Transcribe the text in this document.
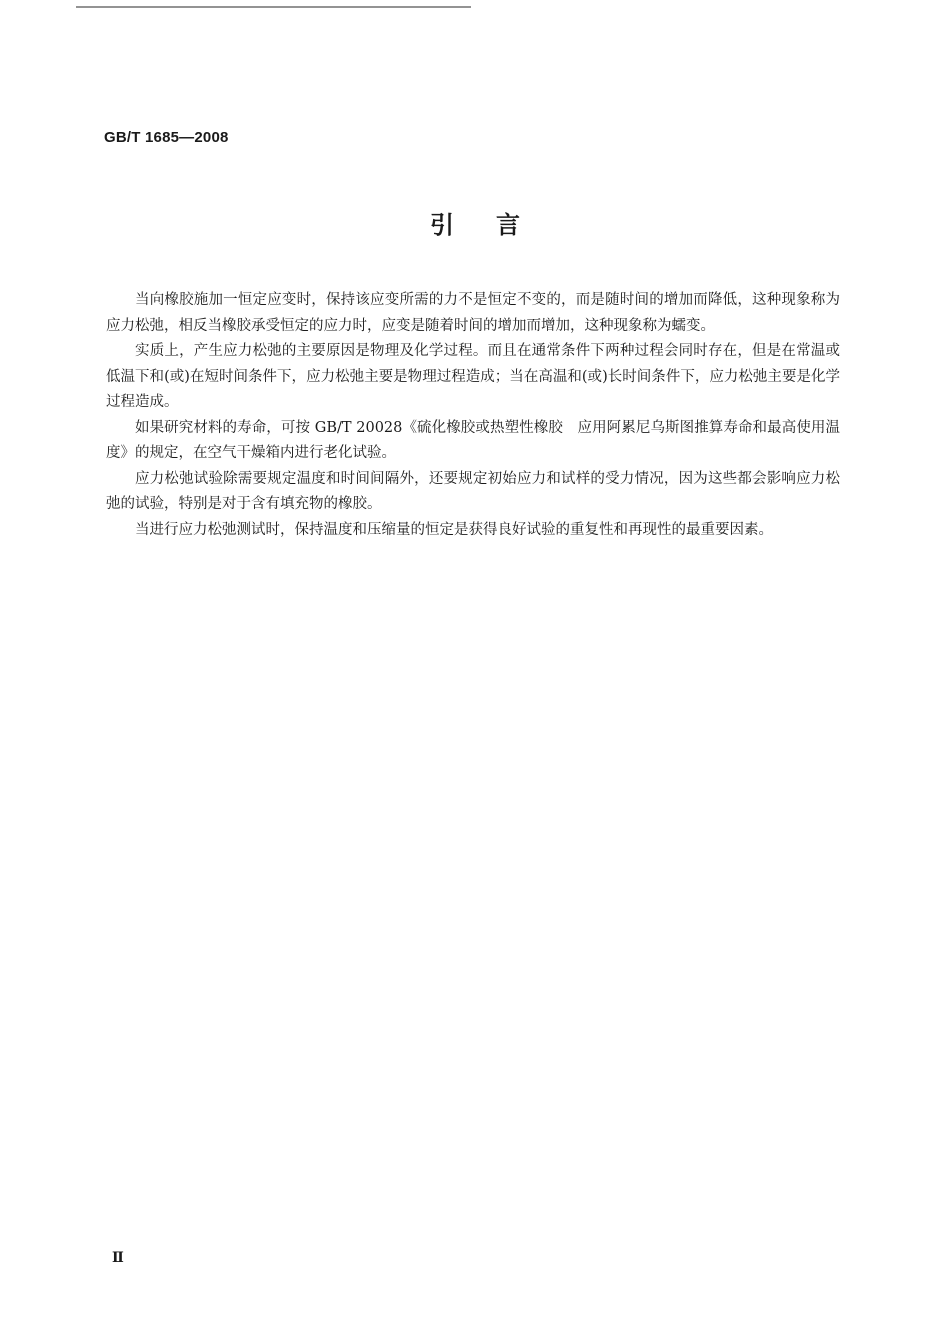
GB/T 1685—2008
引言

当向橡胶施加一恒定应变时，保持该应变所需的力不是恒定不变的，而是随时间的增加而降低，这种现象称为应力松弛，相反当橡胶承受恒定的应力时，应变是随着时间的增加而增加，这种现象称为蠕变。

实质上，产生应力松弛的主要原因是物理及化学过程。而且在通常条件下两种过程会同时存在，但是在常温或低温下和(或)在短时间条件下，应力松弛主要是物理过程造成；当在高温和(或)长时间条件下，应力松弛主要是化学过程造成。

如果研究材料的寿命，可按 GB/T 20028《硫化橡胶或热塑性橡胶　应用阿累尼乌斯图推算寿命和最高使用温度》的规定，在空气干燥箱内进行老化试验。

应力松弛试验除需要规定温度和时间间隔外，还要规定初始应力和试样的受力情况，因为这些都会影响应力松弛的试验，特别是对于含有填充物的橡胶。

当进行应力松弛测试时，保持温度和压缩量的恒定是获得良好试验的重复性和再现性的最重要因素。

Ⅱ
